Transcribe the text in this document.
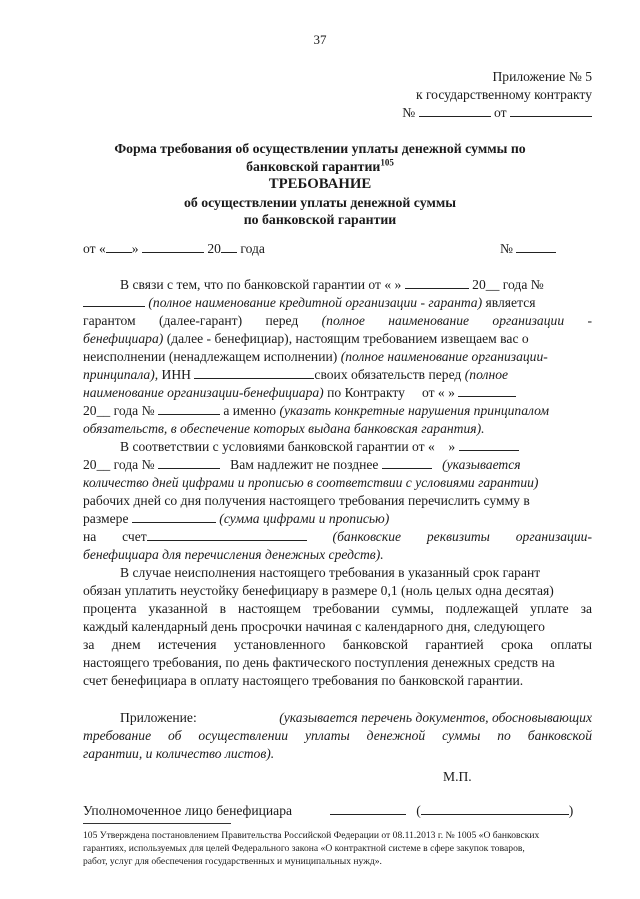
37
Приложение № 5
к государственному контракту
№	от
Форма требования об осуществлении уплаты денежной суммы по
банковской гарантии$^{105}$
ТРЕБОВАНИЕ
об осуществлении уплаты денежной суммы
по банковской гарантии
от « »	20 года	№
В связи с тем, что по банковской гарантии от « »	20__ года №
(полное наименование кредитной организации - гаранта) является
гарантом (далее-гарант) перед (полное наименование организации -
бенефициара) (далее - бенефициар), настоящим требованием извещаем вас о
неисполнении (ненадлежащем исполнении) (полное наименование организации-
принципала), ИНН	своих обязательств перед (полное
наименование организации-бенефициара) по Контракту от « »
20__ года №	а именно (указать конкретные нарушения принципалом
обязательств, в обеспечение которых выдана банковская гарантия).
В соответствии с условиями банковской гарантии от « »
20__ года №	Вам надлежит не позднее	(указывается
количество дней цифрами и прописью в соответствии с условиями гарантии)
рабочих дней со дня получения настоящего требования перечислить сумму в
размере	(сумма цифрами и прописью)
на счет	(банковские реквизиты организации-
бенефициара для перечисления денежных средств).
В случае неисполнения настоящего требования в указанный срок гарант
обязан уплатить неустойку бенефициару в размере 0,1 (ноль целых одна десятая)
процента указанной в настоящем требовании суммы, подлежащей уплате за
каждый календарный день просрочки начиная с календарного дня, следующего
за днем истечения установленного банковской гарантией срока оплаты
настоящего требования, по день фактического поступления денежных средств на
счет бенефициара в оплату настоящего требования по банковской гарантии.
Приложение:	(указывается перечень документов, обосновывающих
требование об осуществлении уплаты денежной суммы по банковской
гарантии, и количество листов).
М.П.
Уполномоченное лицо бенефициара	(	)
105 Утверждена постановлением Правительства Российской Федерации от 08.11.2013 г. № 1005 «О банковских
гарантиях, используемых для целей Федерального закона «О контрактной системе в сфере закупок товаров,
работ, услуг для обеспечения государственных и муниципальных нужд».
